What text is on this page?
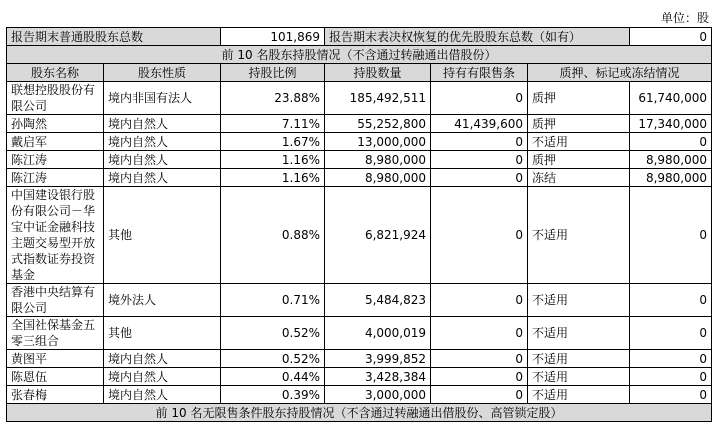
单位：股
报告期末普通股股东总数		101,869	报告期末表决权恢复的优先股股东总数（如有）			0
前 10 名股东持股情况（不含通过转融通出借股份）						
股东名称	股东性质	持股比例	持股数量	持有有限售条	质押、标记或冻结情况	
联想控股股份有限公司	境内非国有法人	23.88%	185,492,511	0	质押	61,740,000
孙陶然	境内自然人	7.11%	55,252,800	41,439,600	质押	17,340,000
戴启军	境内自然人	1.67%	13,000,000	0	不适用	0
陈江涛	境内自然人	1.16%	8,980,000	0	质押	8,980,000
陈江涛	境内自然人	1.16%	8,980,000	0	冻结	8,980,000
中国建设银行股份有限公司－华宝中证金融科技主题交易型开放式指数证券投资基金	其他	0.88%	6,821,924	0	不适用	0
香港中央结算有限公司	境外法人	0.71%	5,484,823	0	不适用	0
全国社保基金五零三组合	其他	0.52%	4,000,019	0	不适用	0
黄图平	境内自然人	0.52%	3,999,852	0	不适用	0
陈恩伍	境内自然人	0.44%	3,428,384	0	不适用	0
张春梅	境内自然人	0.39%	3,000,000	0	不适用	0
前 10 名无限售条件股东持股情况（不含通过转融通出借股份、高管锁定股）						
